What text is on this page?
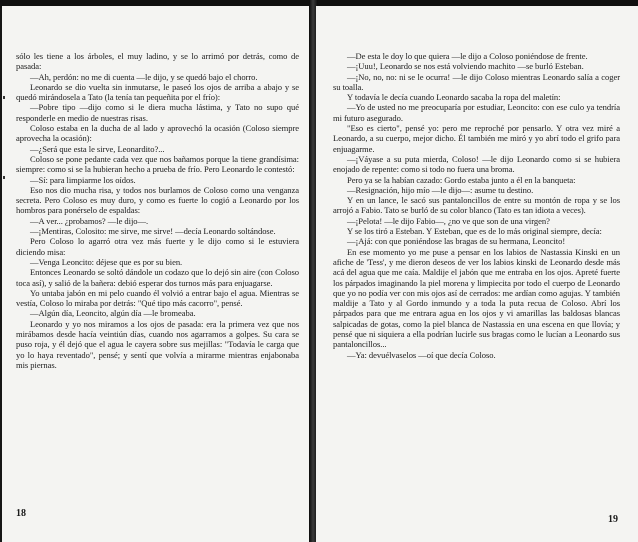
sólo les tiene a los árboles, el muy ladino, y se lo arrimó por detrás, como de pasada:

—Ah, perdón: no me di cuenta —le dijo, y se quedó bajo el chorro.

Leonardo se dio vuelta sin inmutarse, le paseó los ojos de arriba a abajo y se quedó mirándosela a Tato (la tenía tan pequeñita por el frío):

—Pobre tipo —dijo como si le diera mucha lástima, y Tato no supo qué responderle en medio de nuestras risas.

Coloso estaba en la ducha de al lado y aprovechó la ocasión (Coloso siempre aprovecha la ocasión):

—¿Será que esta le sirve, Leonardito?...

Coloso se pone pedante cada vez que nos bañamos porque la tiene grandísima: siempre: como si se la hubieran hecho a prueba de frío. Pero Leonardo le contestó:

—Sí: para limpiarme los oídos.

Eso nos dio mucha risa, y todos nos burlamos de Coloso como una venganza secreta. Pero Coloso es muy duro, y como es fuerte lo cogió a Leonardo por los hombros para ponérselo de espaldas:

—A ver... ¿probamos? —le dijo—.

—¡Mentiras, Colosito: me sirve, me sirve! —decía Leonardo soltándose.

Pero Coloso lo agarró otra vez más fuerte y le dijo como si le estuviera diciendo misa:

—Venga Leoncito: déjese que es por su bien.

Entonces Leonardo se soltó dándole un codazo que lo dejó sin aire (con Coloso toca así), y salió de la bañera: debió esperar dos turnos más para enjuagarse.

Yo untaba jabón en mi pelo cuando él volvió a entrar bajo el agua. Mientras se vestía, Coloso lo miraba por detrás: "Qué tipo más cacorro", pensé.

—Algún día, Leoncito, algún día —le bromeaba.

Leonardo y yo nos miramos a los ojos de pasada: era la primera vez que nos mirábamos desde hacía veintiún días, cuando nos agarramos a golpes. Su cara se puso roja, y él dejó que el agua le cayera sobre sus mejillas: "Todavía le carga que yo lo haya reventado", pensé; y sentí que volvía a mirarme mientras enjabonaba mis piernas.

18

—De esta le doy lo que quiera —le dijo a Coloso poniéndose de frente.

—¡Uuu!, Leonardo se nos está volviendo machito —se burló Esteban.

—¡No, no, no: ni se le ocurra! —le dijo Coloso mientras Leonardo salía a coger su toalla.

Y todavía le decía cuando Leonardo sacaba la ropa del maletín:

—Yo de usted no me preocuparía por estudiar, Leoncito: con ese culo ya tendría mi futuro asegurado.

"Eso es cierto", pensé yo: pero me reproché por pensarlo. Y otra vez miré a Leonardo, a su cuerpo, mejor dicho. Él también me miró y yo abrí todo el grifo para enjuagarme.

—¡Váyase a su puta mierda, Coloso! —le dijo Leonardo como si se hubiera enojado de repente: como si todo no fuera una broma.

Pero ya se la habían cazado: Gordo estaba junto a él en la banqueta:

—Resignación, hijo mío —le dijo—: asume tu destino.

Y en un lance, le sacó sus pantaloncillos de entre su montón de ropa y se los arrojó a Fabio. Tato se burló de su color blanco (Tato es tan idiota a veces).

—¡Pelota! —le dijo Fabio—, ¿no ve que son de una virgen?

Y se los tiró a Esteban. Y Esteban, que es de lo más original siempre, decía:

—¡Ajá: con que poniéndose las bragas de su hermana, Leoncito!

En ese momento yo me puse a pensar en los labios de Nastassia Kinski en un afiche de 'Tess', y me dieron deseos de ver los labios kinski de Leonardo desde más acá del agua que me caía. Maldije el jabón que me entraba en los ojos. Apreté fuerte los párpados imaginando la piel morena y limpiecita por todo el cuerpo de Leonardo que yo no podía ver con mis ojos así de cerrados: me ardían como agujas. Y también maldije a Tato y al Gordo inmundo y a toda la puta recua de Coloso. Abrí los párpados para que me entrara agua en los ojos y vi amarillas las baldosas blancas salpicadas de gotas, como la piel blanca de Nastassia en una escena en que llovía; y pensé que ni siquiera a ella podrían lucirle sus bragas como le lucían a Leonardo sus pantaloncillos...

—Ya: devuélvaselos —oí que decía Coloso.

19
